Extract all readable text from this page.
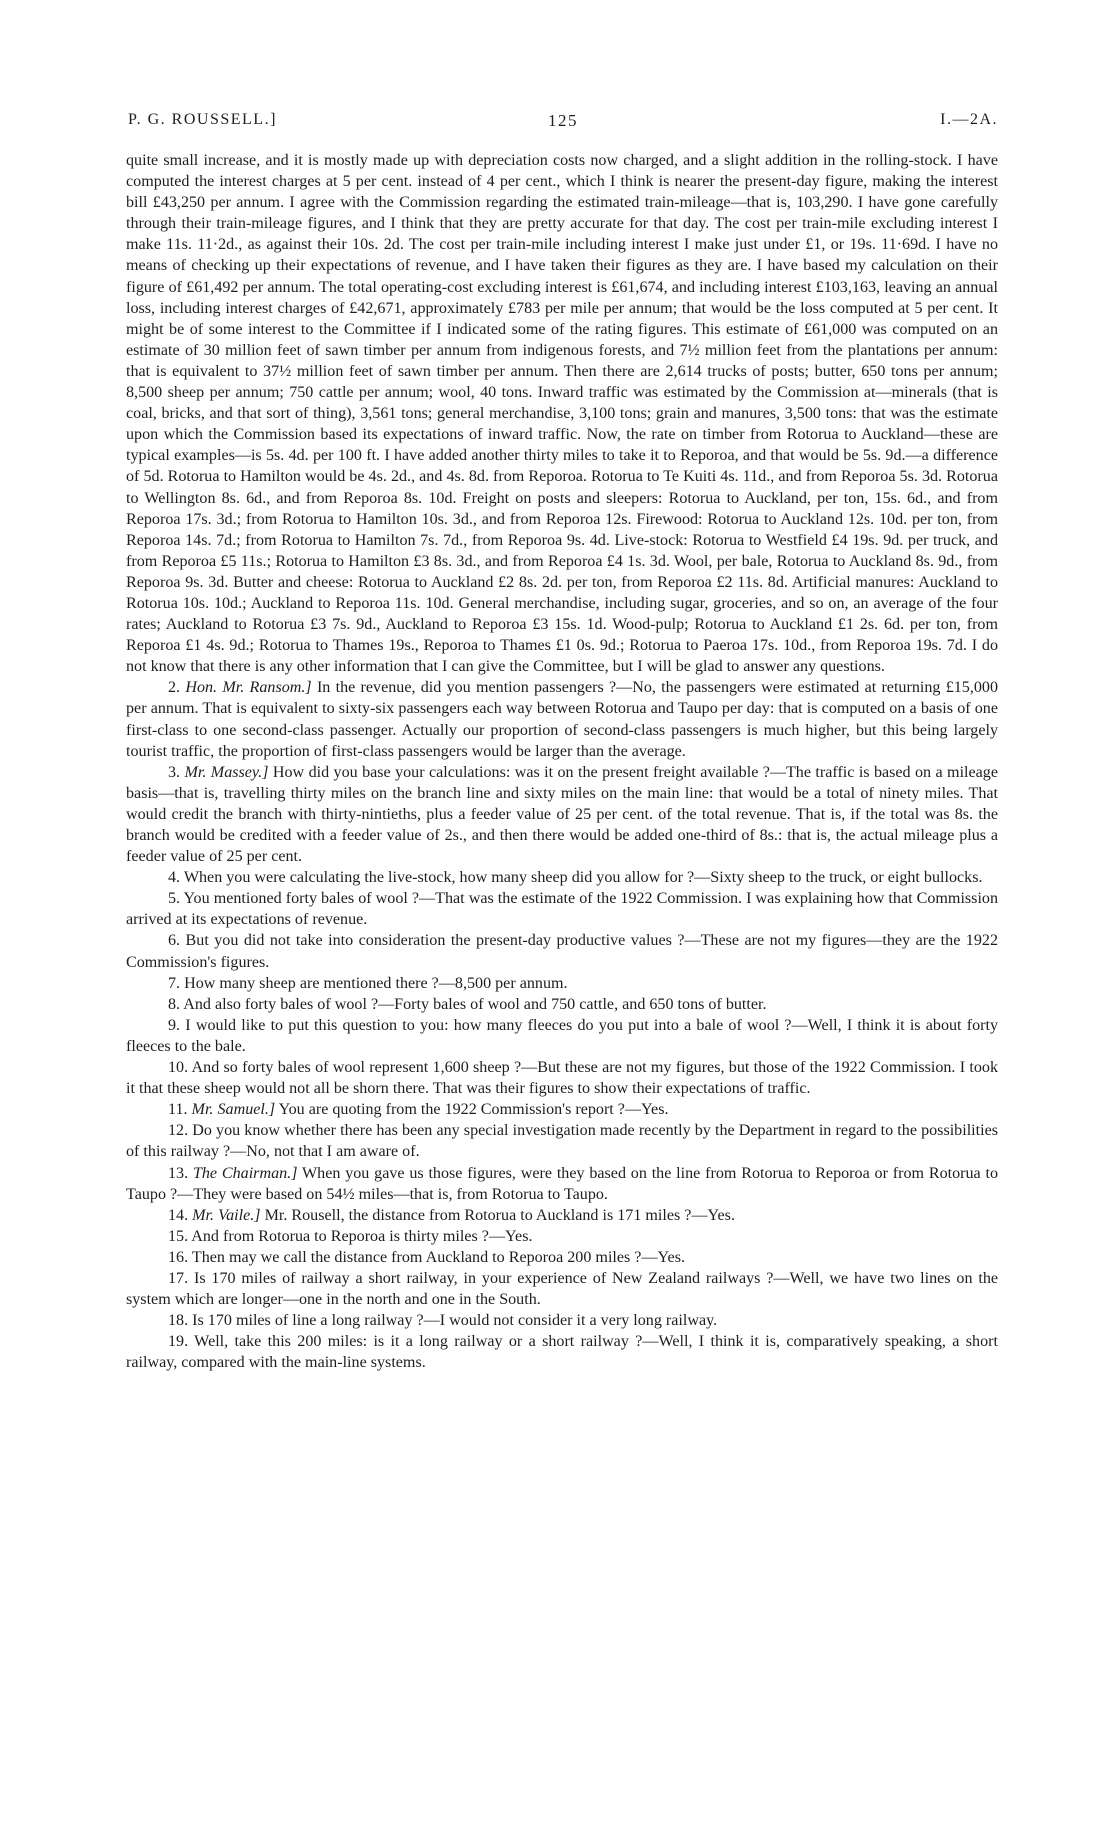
P. G. ROUSSELL.]	125	I.—2A.

quite small increase, and it is mostly made up with depreciation costs now charged, and a slight addition in the rolling-stock. I have computed the interest charges at 5 per cent. instead of 4 per cent., which I think is nearer the present-day figure, making the interest bill £43,250 per annum. I agree with the Commission regarding the estimated train-mileage—that is, 103,290. I have gone carefully through their train-mileage figures, and I think that they are pretty accurate for that day. The cost per train-mile excluding interest I make 11s. 11·2d., as against their 10s. 2d. The cost per train-mile including interest I make just under £1, or 19s. 11·69d. I have no means of checking up their expectations of revenue, and I have taken their figures as they are. I have based my calculation on their figure of £61,492 per annum. The total operating-cost excluding interest is £61,674, and including interest £103,163, leaving an annual loss, including interest charges of £42,671, approximately £783 per mile per annum; that would be the loss computed at 5 per cent. It might be of some interest to the Committee if I indicated some of the rating figures. This estimate of £61,000 was computed on an estimate of 30 million feet of sawn timber per annum from indigenous forests, and 7½ million feet from the plantations per annum: that is equivalent to 37½ million feet of sawn timber per annum. Then there are 2,614 trucks of posts; butter, 650 tons per annum; 8,500 sheep per annum; 750 cattle per annum; wool, 40 tons. Inward traffic was estimated by the Commission at—minerals (that is coal, bricks, and that sort of thing), 3,561 tons; general merchandise, 3,100 tons; grain and manures, 3,500 tons: that was the estimate upon which the Commission based its expectations of inward traffic. Now, the rate on timber from Rotorua to Auckland—these are typical examples—is 5s. 4d. per 100 ft. I have added another thirty miles to take it to Reporoa, and that would be 5s. 9d.—a difference of 5d. Rotorua to Hamilton would be 4s. 2d., and 4s. 8d. from Reporoa. Rotorua to Te Kuiti 4s. 11d., and from Reporoa 5s. 3d. Rotorua to Wellington 8s. 6d., and from Reporoa 8s. 10d. Freight on posts and sleepers: Rotorua to Auckland, per ton, 15s. 6d., and from Reporoa 17s. 3d.; from Rotorua to Hamilton 10s. 3d., and from Reporoa 12s. Firewood: Rotorua to Auckland 12s. 10d. per ton, from Reporoa 14s. 7d.; from Rotorua to Hamilton 7s. 7d., from Reporoa 9s. 4d. Live-stock: Rotorua to Westfield £4 19s. 9d. per truck, and from Reporoa £5 11s.; Rotorua to Hamilton £3 8s. 3d., and from Reporoa £4 1s. 3d. Wool, per bale, Rotorua to Auckland 8s. 9d., from Reporoa 9s. 3d. Butter and cheese: Rotorua to Auckland £2 8s. 2d. per ton, from Reporoa £2 11s. 8d. Artificial manures: Auckland to Rotorua 10s. 10d.; Auckland to Reporoa 11s. 10d. General merchandise, including sugar, groceries, and so on, an average of the four rates; Auckland to Rotorua £3 7s. 9d., Auckland to Reporoa £3 15s. 1d. Wood-pulp; Rotorua to Auckland £1 2s. 6d. per ton, from Reporoa £1 4s. 9d.; Rotorua to Thames 19s., Reporoa to Thames £1 0s. 9d.; Rotorua to Paeroa 17s. 10d., from Reporoa 19s. 7d. I do not know that there is any other information that I can give the Committee, but I will be glad to answer any questions.

2. Hon. Mr. Ransom.] In the revenue, did you mention passengers ?—No, the passengers were estimated at returning £15,000 per annum. That is equivalent to sixty-six passengers each way between Rotorua and Taupo per day: that is computed on a basis of one first-class to one second-class passenger. Actually our proportion of second-class passengers is much higher, but this being largely tourist traffic, the proportion of first-class passengers would be larger than the average.

3. Mr. Massey.] How did you base your calculations: was it on the present freight available ?—The traffic is based on a mileage basis—that is, travelling thirty miles on the branch line and sixty miles on the main line: that would be a total of ninety miles. That would credit the branch with thirty-nintieths, plus a feeder value of 25 per cent. of the total revenue. That is, if the total was 8s. the branch would be credited with a feeder value of 2s., and then there would be added one-third of 8s.: that is, the actual mileage plus a feeder value of 25 per cent.

4. When you were calculating the live-stock, how many sheep did you allow for ?—Sixty sheep to the truck, or eight bullocks.

5. You mentioned forty bales of wool ?—That was the estimate of the 1922 Commission. I was explaining how that Commission arrived at its expectations of revenue.

6. But you did not take into consideration the present-day productive values ?—These are not my figures—they are the 1922 Commission's figures.

7. How many sheep are mentioned there ?—8,500 per annum.

8. And also forty bales of wool ?—Forty bales of wool and 750 cattle, and 650 tons of butter.

9. I would like to put this question to you: how many fleeces do you put into a bale of wool ?—Well, I think it is about forty fleeces to the bale.

10. And so forty bales of wool represent 1,600 sheep ?—But these are not my figures, but those of the 1922 Commission. I took it that these sheep would not all be shorn there. That was their figures to show their expectations of traffic.

11. Mr. Samuel.] You are quoting from the 1922 Commission's report ?—Yes.

12. Do you know whether there has been any special investigation made recently by the Department in regard to the possibilities of this railway ?—No, not that I am aware of.

13. The Chairman.] When you gave us those figures, were they based on the line from Rotorua to Reporoa or from Rotorua to Taupo ?—They were based on 54½ miles—that is, from Rotorua to Taupo.

14. Mr. Vaile.] Mr. Rousell, the distance from Rotorua to Auckland is 171 miles ?—Yes.

15. And from Rotorua to Reporoa is thirty miles ?—Yes.

16. Then may we call the distance from Auckland to Reporoa 200 miles ?—Yes.

17. Is 170 miles of railway a short railway, in your experience of New Zealand railways ?—Well, we have two lines on the system which are longer—one in the north and one in the South.

18. Is 170 miles of line a long railway ?—I would not consider it a very long railway.

19. Well, take this 200 miles: is it a long railway or a short railway ?—Well, I think it is, comparatively speaking, a short railway, compared with the main-line systems.
